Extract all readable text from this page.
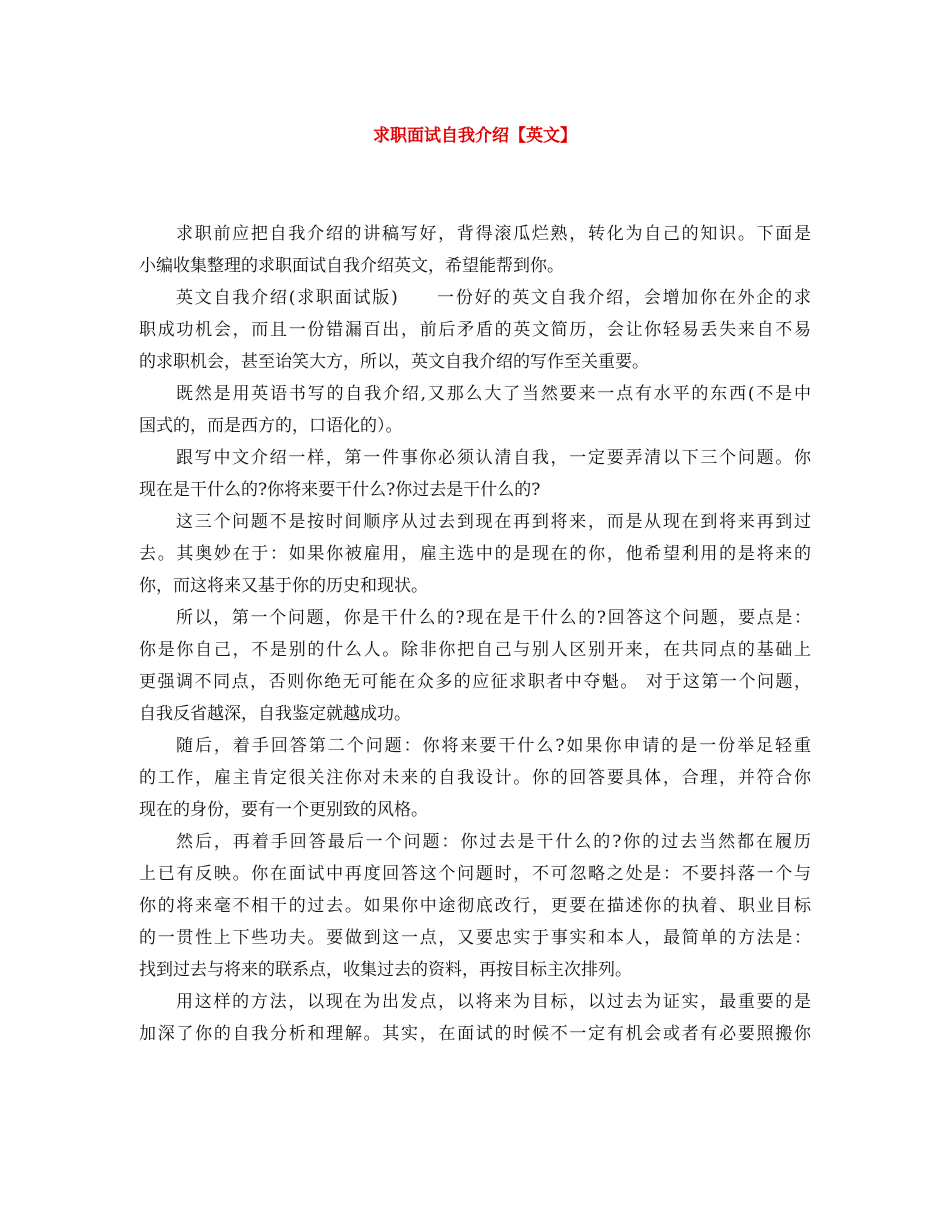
求职面试自我介绍【英文】
求职前应把自我介绍的讲稿写好，背得滚瓜烂熟，转化为自己的知识。下面是
小编收集整理的求职面试自我介绍英文，希望能帮到你。
英文自我介绍(求职面试版)　　一份好的英文自我介绍，会增加你在外企的求
职成功机会，而且一份错漏百出，前后矛盾的英文简历，会让你轻易丢失来自不易
的求职机会，甚至诒笑大方，所以，英文自我介绍的写作至关重要。
既然是用英语书写的自我介绍,又那么大了当然要来一点有水平的东西(不是中
国式的，而是西方的，口语化的）。
跟写中文介绍一样，第一件事你必须认清自我，一定要弄清以下三个问题。你
现在是干什么的?你将来要干什么?你过去是干什么的?
这三个问题不是按时间顺序从过去到现在再到将来，而是从现在到将来再到过
去。其奥妙在于：如果你被雇用，雇主选中的是现在的你，他希望利用的是将来的
你，而这将来又基于你的历史和现状。
所以，第一个问题，你是干什么的?现在是干什么的?回答这个问题，要点是：
你是你自己，不是别的什么人。除非你把自己与别人区别开来，在共同点的基础上
更强调不同点，否则你绝无可能在众多的应征求职者中夺魁。 对于这第一个问题，
自我反省越深，自我鉴定就越成功。
随后，着手回答第二个问题：你将来要干什么?如果你申请的是一份举足轻重
的工作，雇主肯定很关注你对未来的自我设计。你的回答要具体，合理，并符合你
现在的身份，要有一个更别致的风格。
然后，再着手回答最后一个问题：你过去是干什么的?你的过去当然都在履历
上已有反映。你在面试中再度回答这个问题时，不可忽略之处是：不要抖落一个与
你的将来毫不相干的过去。如果你中途彻底改行，更要在描述你的执着、职业目标
的一贯性上下些功夫。要做到这一点，又要忠实于事实和本人，最简单的方法是：
找到过去与将来的联系点，收集过去的资料，再按目标主次排列。
用这样的方法，以现在为出发点，以将来为目标，以过去为证实，最重要的是
加深了你的自我分析和理解。其实，在面试的时候不一定有机会或者有必要照搬你
